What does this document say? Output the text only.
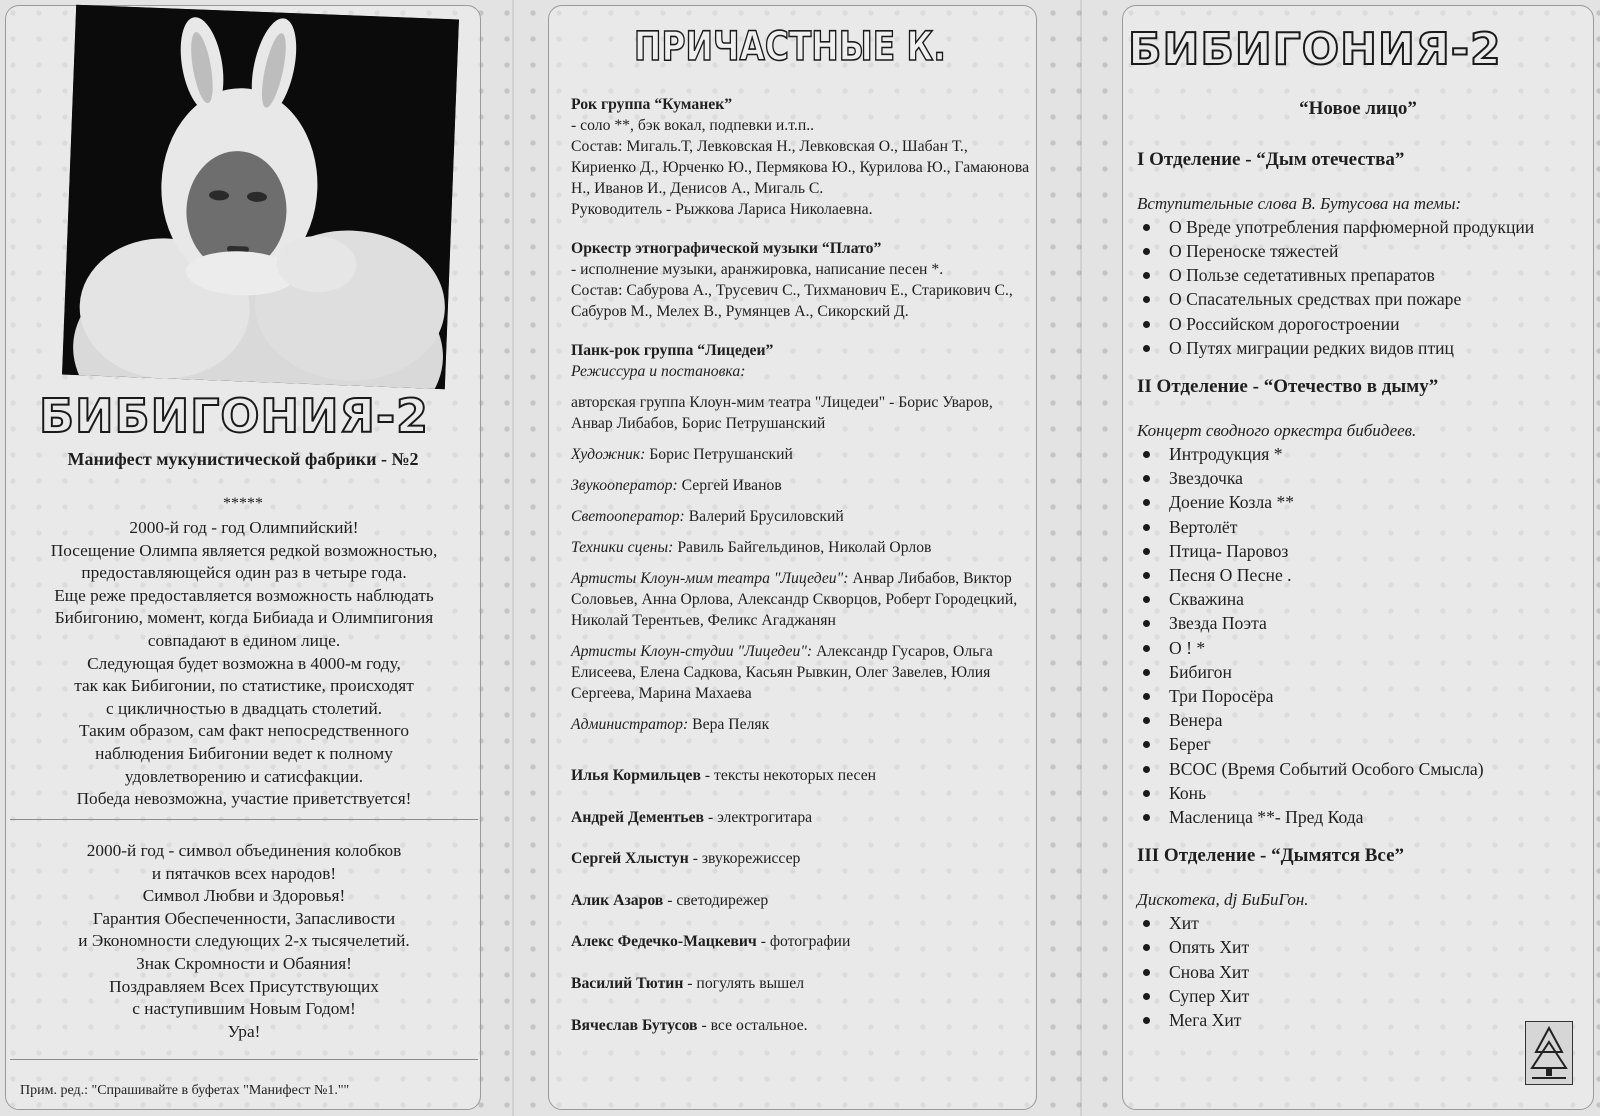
БИБИГОНИЯ-2
Манифест мукунистической фабрики - №2
*****
2000-й год - год Олимпийский!
Посещение Олимпа является редкой возможностью,
предоставляющейся один раз в четыре года.
Еще реже предоставляется возможность наблюдать
Бибигонию, момент, когда Бибиада и Олимпигония
совпадают в едином лице.
Следующая будет возможна в 4000-м году,
так как Бибигонии, по статистике, происходят
с цикличностью в двадцать столетий.
Таким образом, сам факт непосредственного
наблюдения Бибигонии ведет к полному
удовлетворению и сатисфакции.
Победа невозможна, участие приветствуется!
2000-й год - символ объединения колобков
и пятачков всех народов!
Символ Любви и Здоровья!
Гарантия Обеспеченности, Запасливости
и Экономности следующих 2-х тысячелетий.
Знак Скромности и Обаяния!
Поздравляем Всех Присутствующих
с наступившим Новым Годом!
Ура!
Прим. ред.: "Спрашивайте в буфетах "Манифест №1.""
ПРИЧАСТНЫЕ К.
Рок группа “Куманек”
- соло **, бэк вокал, подпевки и.т.п..
Состав: Мигаль.Т, Левковская Н., Левковская О., Шабан Т., Кириенко Д., Юрченко Ю., Пермякова Ю., Курилова Ю., Гамаюнова Н., Иванов И., Денисов А., Мигаль С.
Руководитель - Рыжкова Лариса Николаевна.
Оркестр этнографической музыки “Плато”
- исполнение музыки, аранжировка, написание песен *.
Состав: Сабурова А., Трусевич С., Тихманович Е., Старикович С., Сабуров М., Мелех В., Румянцев А., Сикорский Д.
Панк-рок группа “Лицедеи”
Режиссура и постановка:
авторская группа Клоун-мим театра "Лицедеи" - Борис Уваров, Анвар Либабов, Борис Петрушанский
Художник: Борис Петрушанский
Звукооператор: Сергей Иванов
Светооператор: Валерий Брусиловский
Техники сцены: Равиль Байгельдинов, Николай Орлов
Артисты Клоун-мим театра "Лицедеи": Анвар Либабов, Виктор Соловьев, Анна Орлова, Александр Скворцов, Роберт Городецкий, Николай Терентьев, Феликс Агаджанян
Артисты Клоун-студии "Лицедеи": Александр Гусаров, Ольга Елисеева, Елена Садкова, Касьян Рывкин, Олег Завелев, Юлия Сергеева, Марина Махаева
Администратор: Вера Пеляк
Илья Кормильцев - тексты некоторых песен
Андрей Дементьев - электрогитара
Сергей Хлыстун - звукорежиссер
Алик Азаров - светодирежер
Алекс Федечко-Мацкевич - фотографии
Василий Тютин - погулять вышел
Вячеслав Бутусов - все остальное.
БИБИГОНИЯ-2
“Новое лицо”
I Отделение - “Дым отечества”
Вступительные слова В. Бутусова на темы:
О Вреде употребления парфюмерной продукции
О Переноске тяжестей
О Пользе седетативных препаратов
О Спасательных средствах при пожаре
О Российском дорогостроении
О Путях миграции редких видов птиц
II Отделение - “Отечество в дыму”
Концерт сводного оркестра бибидеев.
Интродукция *
Звездочка
Доение Козла **
Вертолёт
Птица- Паровоз
Песня О Песне .
Скважина
Звезда Поэта
О ! *
Бибигон
Три Поросёра
Венера
Берег
ВСОС (Время Событий Особого Смысла)
Конь
Масленица **- Пред Кода
III Отделение - “Дымятся Все”
Дискотека, dj БиБиГон.
Хит
Опять Хит
Снова Хит
Супер Хит
Мега Хит
